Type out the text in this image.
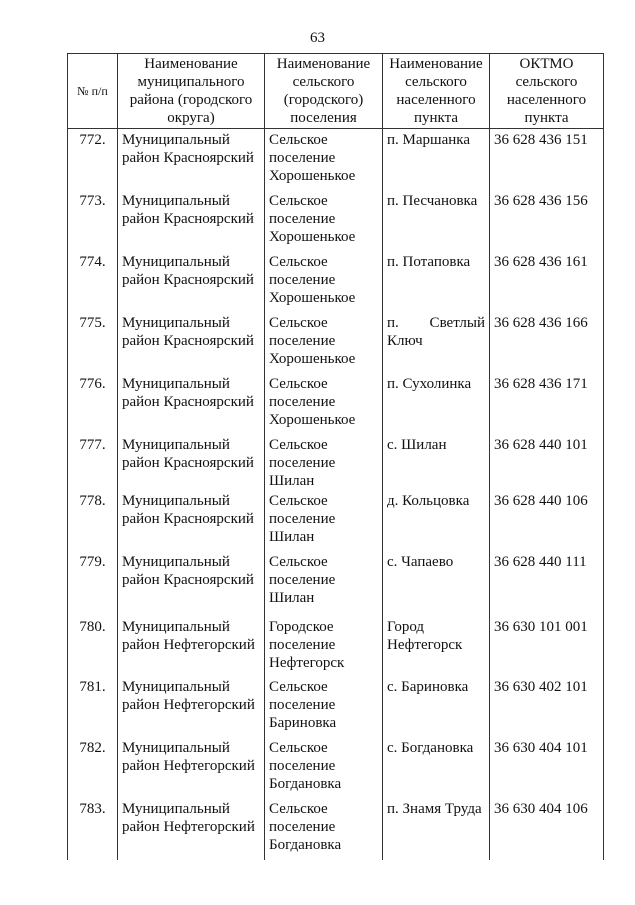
63
№ п/п	Наименование муниципального района (городского округа)	Наименование сельского (городского) поселения	Наименование сельского населенного пункта	ОКТМО сельского населенного пункта
772.	Муниципальный район Красноярский	Сельское поселение Хорошенькое	п. Маршанка	36 628 436 151
773.	Муниципальный район Красноярский	Сельское поселение Хорошенькое	п. Песчановка	36 628 436 156
774.	Муниципальный район Красноярский	Сельское поселение Хорошенькое	п. Потаповка	36 628 436 161
775.	Муниципальный район Красноярский	Сельское поселение Хорошенькое	п. Светлый Ключ	36 628 436 166
776.	Муниципальный район Красноярский	Сельское поселение Хорошенькое	п. Сухолинка	36 628 436 171
777.	Муниципальный район Красноярский	Сельское поселение Шилан	с. Шилан	36 628 440 101
778.	Муниципальный район Красноярский	Сельское поселение Шилан	д. Кольцовка	36 628 440 106
779.	Муниципальный район Красноярский	Сельское поселение Шилан	с. Чапаево	36 628 440 111
780.	Муниципальный район Нефтегорский	Городское поселение Нефтегорск	Город Нефтегорск	36 630 101 001
781.	Муниципальный район Нефтегорский	Сельское поселение Бариновка	с. Бариновка	36 630 402 101
782.	Муниципальный район Нефтегорский	Сельское поселение Богдановка	с. Богдановка	36 630 404 101
783.	Муниципальный район Нефтегорский	Сельское поселение Богдановка	п. Знамя Труда	36 630 404 106
